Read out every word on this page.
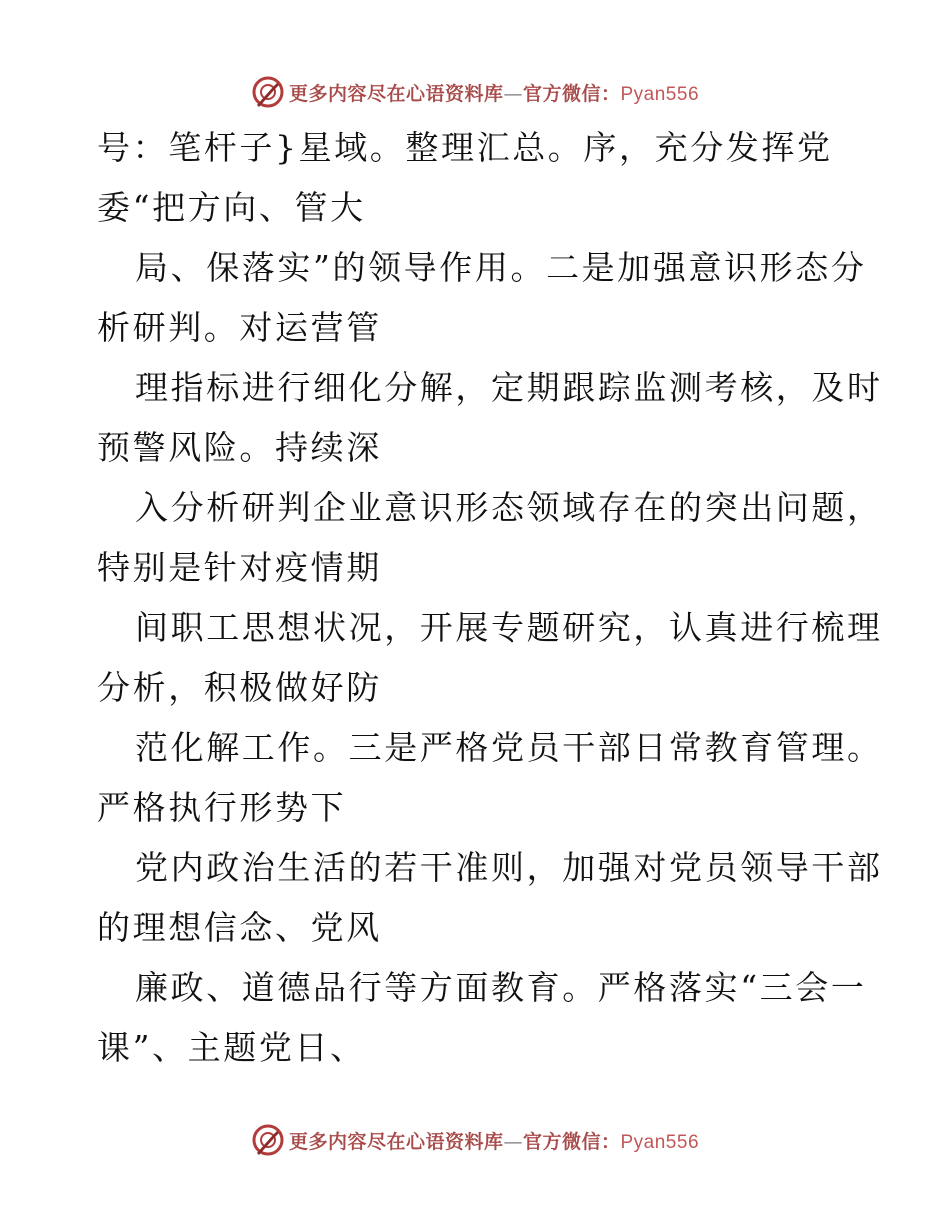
更多内容尽在心语资料库—官方微信：Pyan556
号：笔杆子}星域。整理汇总。序，充分发挥党
委“把方向、管大
局、保落实”的领导作用。二是加强意识形态分
析研判。对运营管
理指标进行细化分解，定期跟踪监测考核，及时
预警风险。持续深
入分析研判企业意识形态领域存在的突出问题，
特别是针对疫情期
间职工思想状况，开展专题研究，认真进行梳理
分析，积极做好防
范化解工作。三是严格党员干部日常教育管理。
严格执行形势下
党内政治生活的若干准则，加强对党员领导干部
的理想信念、党风
廉政、道德品行等方面教育。严格落实“三会一
课”、主题党日、
更多内容尽在心语资料库—官方微信：Pyan556
